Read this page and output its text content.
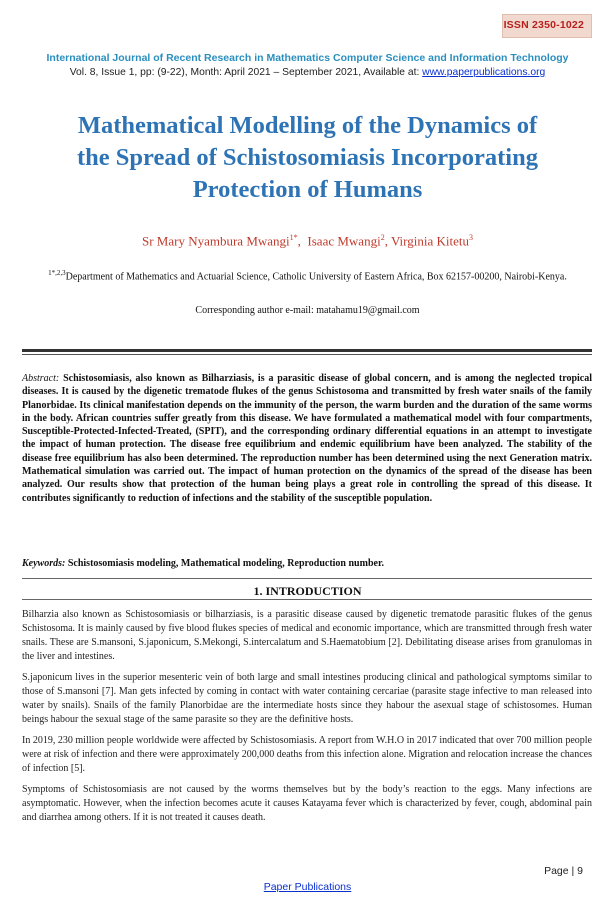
ISSN 2350-1022
International Journal of Recent Research in Mathematics Computer Science and Information Technology
Vol. 8, Issue 1, pp: (9-22), Month: April 2021 – September 2021, Available at: www.paperpublications.org
Mathematical Modelling of the Dynamics of
the Spread of Schistosomiasis Incorporating
Protection of Humans
Sr Mary Nyambura Mwangi$^{1*}$,  Isaac Mwangi$^2$, Virginia Kitetu$^3$
$^{1*,2,3}$Department of Mathematics and Actuarial Science, Catholic University of Eastern Africa, Box 62157-00200, Nairobi-Kenya.
Corresponding author e-mail: matahamu19@gmail.com
Abstract: Schistosomiasis, also known as Bilharziasis, is a parasitic disease of global concern, and is among the neglected tropical diseases. It is caused by the digenetic trematode flukes of the genus Schistosoma and transmitted by fresh water snails of the family Planorbidae. Its clinical manifestation depends on the immunity of the person, the warm burden and the duration of the same worms in the body. African countries suffer greatly from this disease. We have formulated a mathematical model with four compartments, Susceptible-Protected-Infected-Treated, (SPIT), and the corresponding ordinary differential equations in an attempt to investigate the impact of human protection. The disease free equilibrium and endemic equilibrium have been analyzed. The stability of the disease free equilibrium has also been determined. The reproduction number has been determined using the next Generation matrix. Mathematical simulation was carried out. The impact of human protection on the dynamics of the spread of the disease has been analyzed. Our results show that protection of the human being plays a great role in controlling the spread of this disease. It contributes significantly to reduction of infections and the stability of the susceptible population.
Keywords: Schistosomiasis modeling, Mathematical modeling, Reproduction number.
1. INTRODUCTION

Bilharzia also known as Schistosomiasis or bilharziasis, is a parasitic disease caused by digenetic trematode parasitic flukes of the genus Schistosoma. It is mainly caused by five blood flukes species of medical and economic importance, which are transmitted through fresh water snails. These are S.mansoni, S.japonicum, S.Mekongi, S.intercalatum and S.Haematobium [2]. Debilitating disease arises from granulomas in the liver and intestines.

S.japonicum lives in the superior mesenteric vein of both large and small intestines producing clinical and pathological symptoms similar to those of S.mansoni [7]. Man gets infected by coming in contact with water containing cercariae (parasite stage infective to man released into water by snails). Snails of the family Planorbidae are the intermediate hosts since they habour the asexual stage of schistosomes. Human beings habour the sexual stage of the same parasite so they are the definitive hosts.

In 2019, 230 million people worldwide were affected by Schistosomiasis. A report from W.H.O in 2017 indicated that over 700 million people were at risk of infection and there were approximately 200,000 deaths from this infection alone. Migration and relocation increase the chances of infection [5].

Symptoms of Schistosomiasis are not caused by the worms themselves but by the body’s reaction to the eggs. Many infections are asymptomatic. However, when the infection becomes acute it causes Katayama fever which is characterized by fever, cough, abdominal pain and diarrhea among others. If it is not treated it causes death.

Page | 9
Paper Publications
